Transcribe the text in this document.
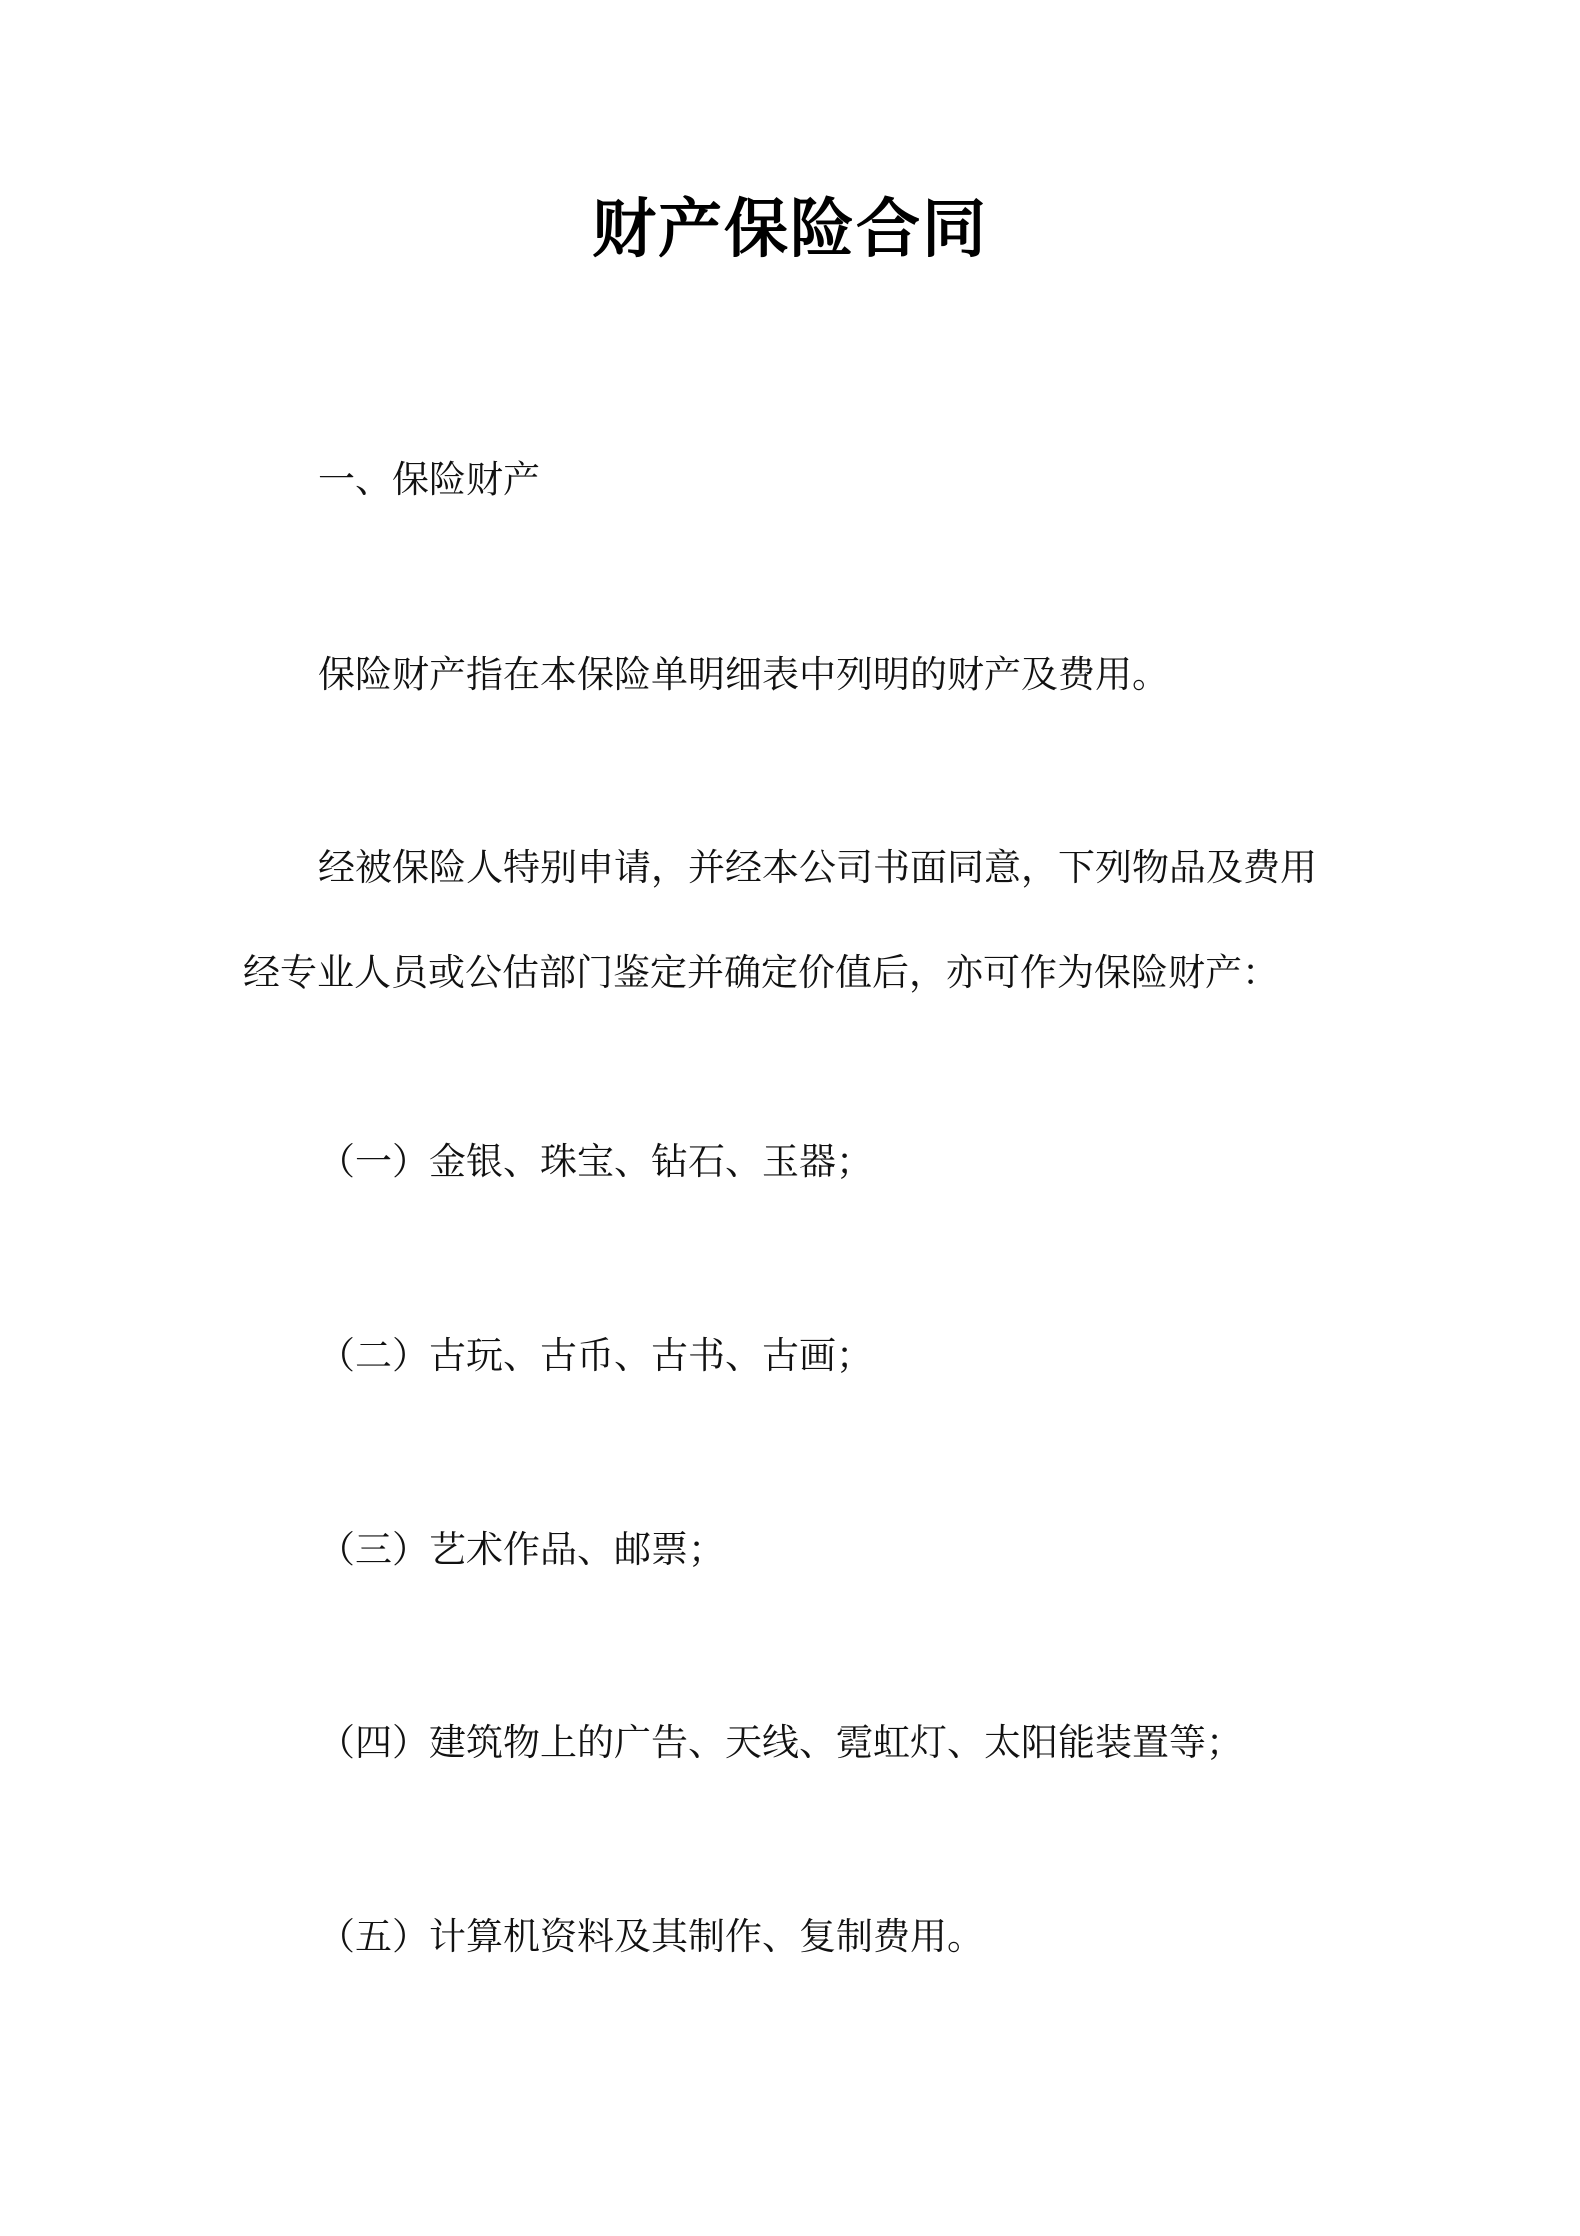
财产保险合同
一、保险财产
保险财产指在本保险单明细表中列明的财产及费用。
经被保险人特别申请，并经本公司书面同意，下列物品及费用
经专业人员或公估部门鉴定并确定价值后，亦可作为保险财产：
（一）金银、珠宝、钻石、玉器；
（二）古玩、古币、古书、古画；
（三）艺术作品、邮票；
（四）建筑物上的广告、天线、霓虹灯、太阳能装置等；
（五）计算机资料及其制作、复制费用。
